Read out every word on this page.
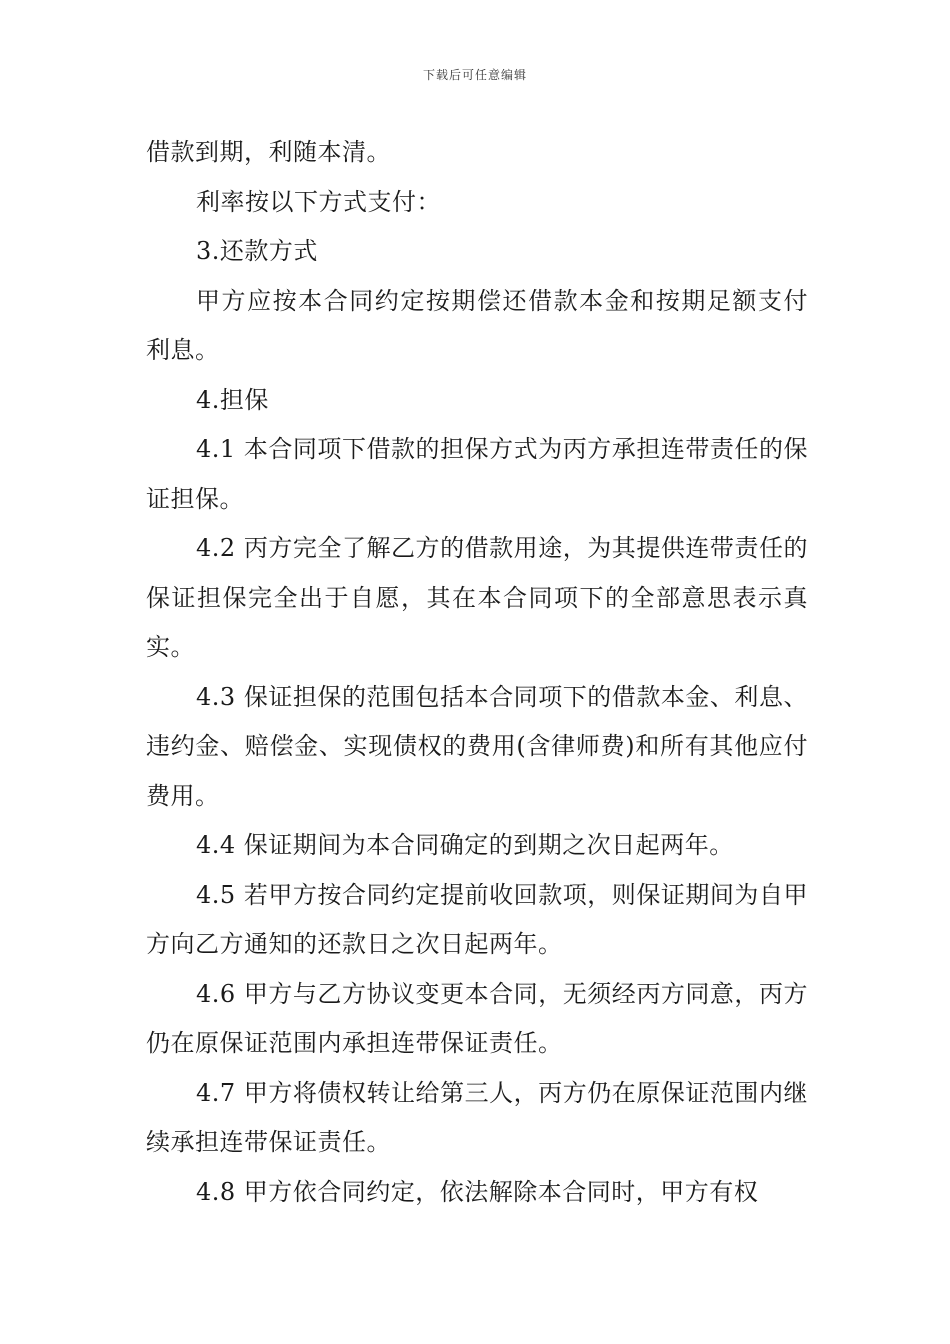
下载后可任意编辑

借款到期，利随本清。

利率按以下方式支付：

3.还款方式

甲方应按本合同约定按期偿还借款本金和按期足额支付利息。

4.担保

4.1 本合同项下借款的担保方式为丙方承担连带责任的保证担保。

4.2 丙方完全了解乙方的借款用途，为其提供连带责任的保证担保完全出于自愿，其在本合同项下的全部意思表示真实。

4.3 保证担保的范围包括本合同项下的借款本金、利息、违约金、赔偿金、实现债权的费用(含律师费)和所有其他应付费用。

4.4 保证期间为本合同确定的到期之次日起两年。

4.5 若甲方按合同约定提前收回款项，则保证期间为自甲方向乙方通知的还款日之次日起两年。

4.6 甲方与乙方协议变更本合同，无须经丙方同意，丙方仍在原保证范围内承担连带保证责任。

4.7 甲方将债权转让给第三人，丙方仍在原保证范围内继续承担连带保证责任。

4.8 甲方依合同约定，依法解除本合同时，甲方有权
